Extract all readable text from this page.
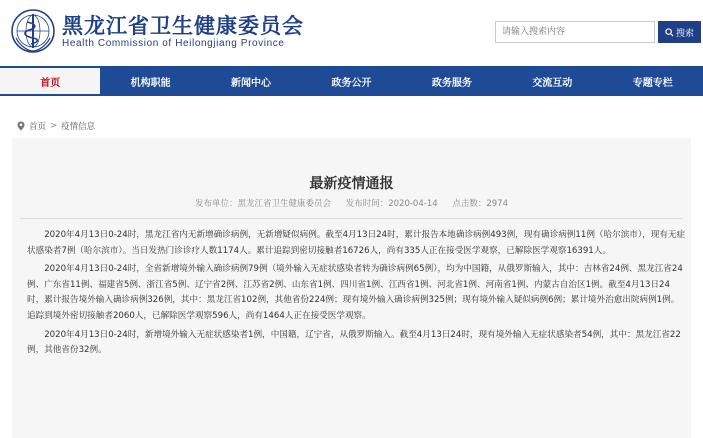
黑龙江省卫生健康委员会
Health Commission of Heilongjiang Province
请输入搜索内容
搜索
首页	机构职能	新闻中心	政务公开	政务服务	交流互动	专题专栏
首页 > 疫情信息
最新疫情通报
发布单位：黑龙江省卫生健康委员会 发布时间：2020-04-14 点击数：2974

2020年4月13日0-24时，黑龙江省内无新增确诊病例，无新增疑似病例。截至4月13日24时，累计报告本地确诊病例493例，现有确诊病例11例（哈尔滨市），现有无症状感染者7例（哈尔滨市）。当日发热门诊诊疗人数1174人。累计追踪到密切接触者16726人，尚有335人正在接受医学观察，已解除医学观察16391人。

2020年4月13日0-24时，全省新增境外输入确诊病例79例（境外输入无症状感染者转为确诊病例65例），均为中国籍，从俄罗斯输入，其中：吉林省24例、黑龙江省24例、广东省11例、福建省5例、浙江省5例、辽宁省2例、江苏省2例、山东省1例、四川省1例、江西省1例、河北省1例、河南省1例、内蒙古自治区1例。截至4月13日24时，累计报告境外输入确诊病例326例，其中：黑龙江省102例，其他省份224例；现有境外输入确诊病例325例；现有境外输入疑似病例6例；累计境外治愈出院病例1例。追踪到境外密切接触者2060人，已解除医学观察596人，尚有1464人正在接受医学观察。

2020年4月13日0-24时，新增境外输入无症状感染者1例，中国籍，辽宁省，从俄罗斯输入。截至4月13日24时，现有境外输入无症状感染者54例，其中：黑龙江省22例，其他省份32例。
